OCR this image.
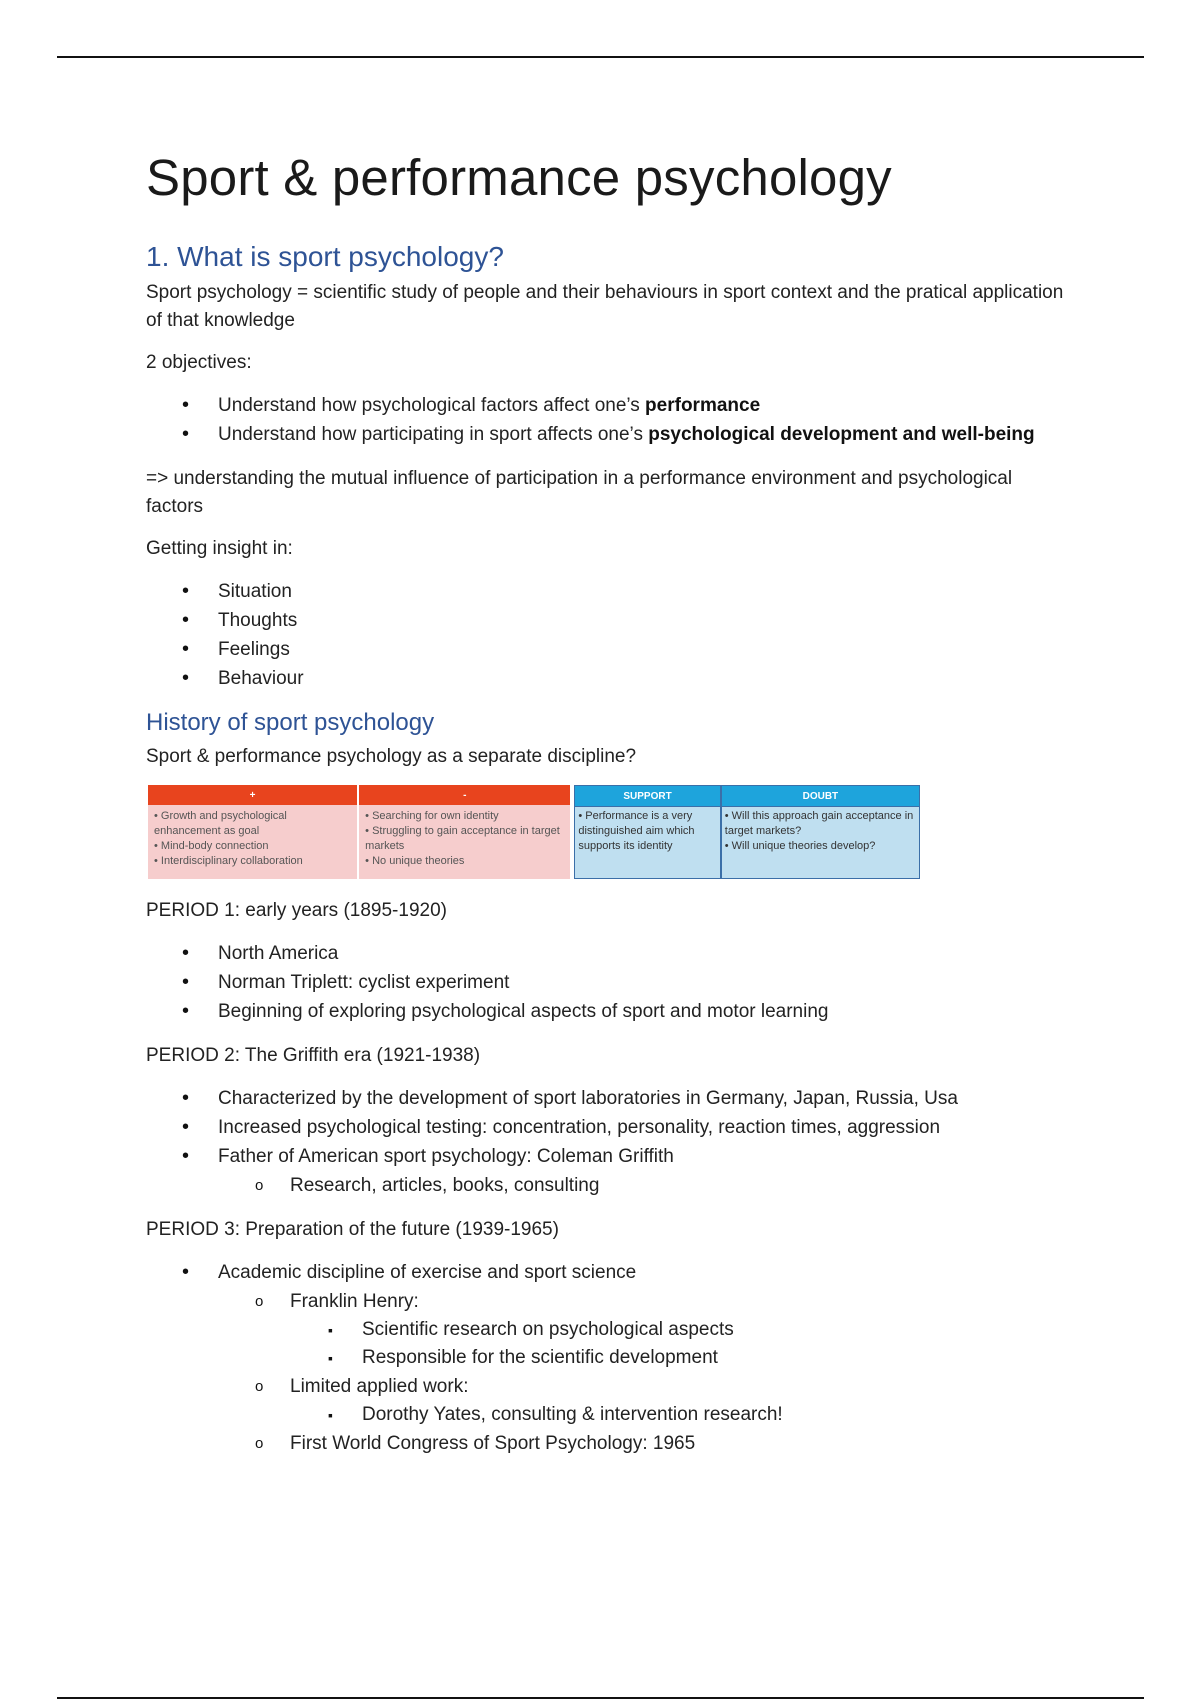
Sport & performance psychology
1. What is sport psychology?

Sport psychology = scientific study of people and their behaviours in sport context and the pratical application of that knowledge

2 objectives:

• Understand how psychological factors affect one’s performance
• Understand how participating in sport affects one’s psychological development and well-being

=> understanding the mutual influence of participation in a performance environment and psychological factors

Getting insight in:

• Situation
• Thoughts
• Feelings
• Behaviour
History of sport psychology

Sport & performance psychology as a separate discipline?

+
• Growth and psychological enhancement as goal
• Mind-body connection
• Interdisciplinary collaboration
-
• Searching for own identity
• Struggling to gain acceptance in target markets
• No unique theories
SUPPORT
• Performance is a very distinguished aim which supports its identity
DOUBT
• Will this approach gain acceptance in target markets?
• Will unique theories develop?

PERIOD 1: early years (1895-1920)

• North America
• Norman Triplett: cyclist experiment
• Beginning of exploring psychological aspects of sport and motor learning

PERIOD 2: The Griffith era (1921-1938)

• Characterized by the development of sport laboratories in Germany, Japan, Russia, Usa
• Increased psychological testing: concentration, personality, reaction times, aggression
• Father of American sport psychology: Coleman Griffith
o Research, articles, books, consulting

PERIOD 3: Preparation of the future (1939-1965)

• Academic discipline of exercise and sport science
o Franklin Henry:
▪ Scientific research on psychological aspects
▪ Responsible for the scientific development
o Limited applied work:
▪ Dorothy Yates, consulting & intervention research!
o First World Congress of Sport Psychology: 1965
